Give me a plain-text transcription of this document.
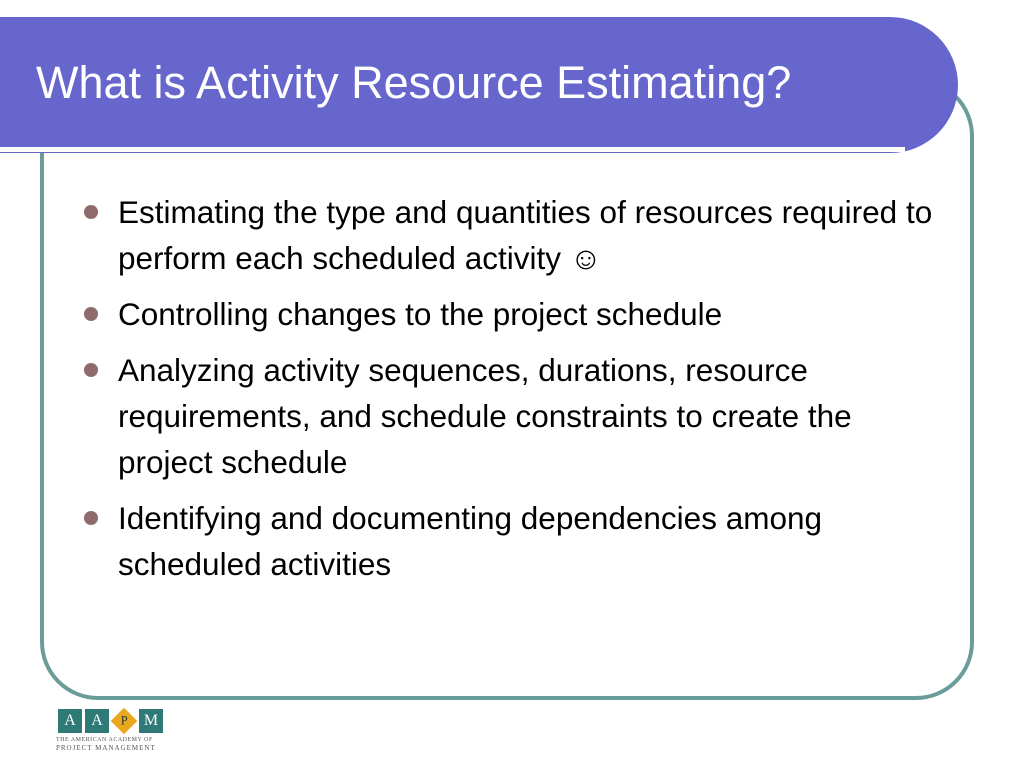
What is Activity Resource Estimating?
Estimating the type and quantities of resources required to perform each scheduled activity ☺
Controlling changes to the project schedule
Analyzing activity sequences, durations, resource requirements, and schedule constraints to create the project schedule
Identifying and documenting dependencies among scheduled activities
A A	P	M
THE AMERICAN ACADEMY OF
PROJECT MANAGEMENT
